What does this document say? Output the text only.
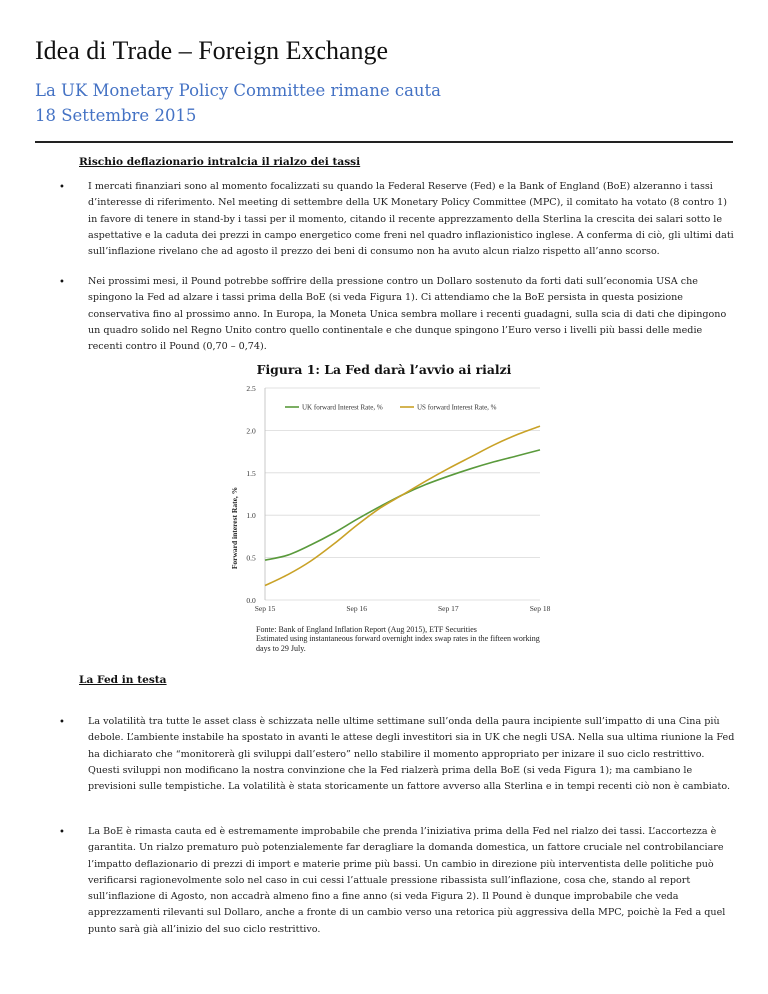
Idea di Trade – Foreign Exchange
La UK Monetary Policy Committee rimane cauta
18 Settembre 2015
Rischio deflazionario intralcia il rialzo dei tassi
• I mercati finanziari sono al momento focalizzati su quando la Federal Reserve (Fed) e la Bank of England (BoE) alzeranno i tassi d’interesse di riferimento. Nel meeting di settembre della UK Monetary Policy Committee (MPC), il comitato ha votato (8 contro 1) in favore di tenere in stand-by i tassi per il momento, citando il recente apprezzamento della Sterlina la crescita dei salari sotto le aspettative e la caduta dei prezzi in campo energetico come freni nel quadro inflazionistico inglese. A conferma di ciò, gli ultimi dati sull’inflazione rivelano che ad agosto il prezzo dei beni di consumo non ha avuto alcun rialzo rispetto all’anno scorso.

• Nei prossimi mesi, il Pound potrebbe soffrire della pressione contro un Dollaro sostenuto da forti dati sull’economia USA che spingono la Fed ad alzare i tassi prima della BoE (si veda Figura 1). Ci attendiamo che la BoE persista in questa posizione conservativa fino al prossimo anno. In Europa, la Moneta Unica sembra mollare i recenti guadagni, sulla scia di dati che dipingono un quadro solido nel Regno Unito contro quello continentale e che dunque spingono l’Euro verso i livelli più bassi delle medie recenti contro il Pound (0,70 – 0,74).

Figura 1: La Fed darà l’avvio ai rialzi
0.0
0.5
1.0
1.5
2.0
2.5
Sep 15	Sep 16	Sep 17	Sep 18
Forward interest Rate, %
UK forward Interest Rate, %	US forward Interest Rate, %

Fonte: Bank of England Inflation Report (Aug 2015), ETF Securities
Estimated using instantaneous forward overnight index swap rates in the fifteen working
days to 29 July.

La Fed in testa
• La volatilità tra tutte le asset class è schizzata nelle ultime settimane sull’onda della paura incipiente sull’impatto di una Cina più debole. L’ambiente instabile ha spostato in avanti le attese degli investitori sia in UK che negli USA. Nella sua ultima riunione la Fed ha dichiarato che “monitorerà gli sviluppi dall’estero” nello stabilire il momento appropriato per inizare il suo ciclo restrittivo. Questi sviluppi non modificano la nostra convinzione che la Fed rialzerà prima della BoE (si veda Figura 1); ma cambiano le previsioni sulle tempistiche. La volatilità è stata storicamente un fattore avverso alla Sterlina e in tempi recenti ciò non è cambiato.

• La BoE è rimasta cauta ed è estremamente improbabile che prenda l’iniziativa prima della Fed nel rialzo dei tassi. L’accortezza è garantita. Un rialzo prematuro può potenzialemente far deragliare la domanda domestica, un fattore cruciale nel controbilanciare l’impatto deflazionario di prezzi di import e materie prime più bassi. Un cambio in direzione più interventista delle politiche può verificarsi ragionevolmente solo nel caso in cui cessi l’attuale pressione ribassista sull’inflazione, cosa che, stando al report sull’inflazione di Agosto, non accadrà almeno fino a fine anno (si veda Figura 2). Il Pound è dunque improbabile che veda apprezzamenti rilevanti sul Dollaro, anche a fronte di un cambio verso una retorica più aggressiva della MPC, poichè la Fed a quel punto sarà già all’inizio del suo ciclo restrittivo.
